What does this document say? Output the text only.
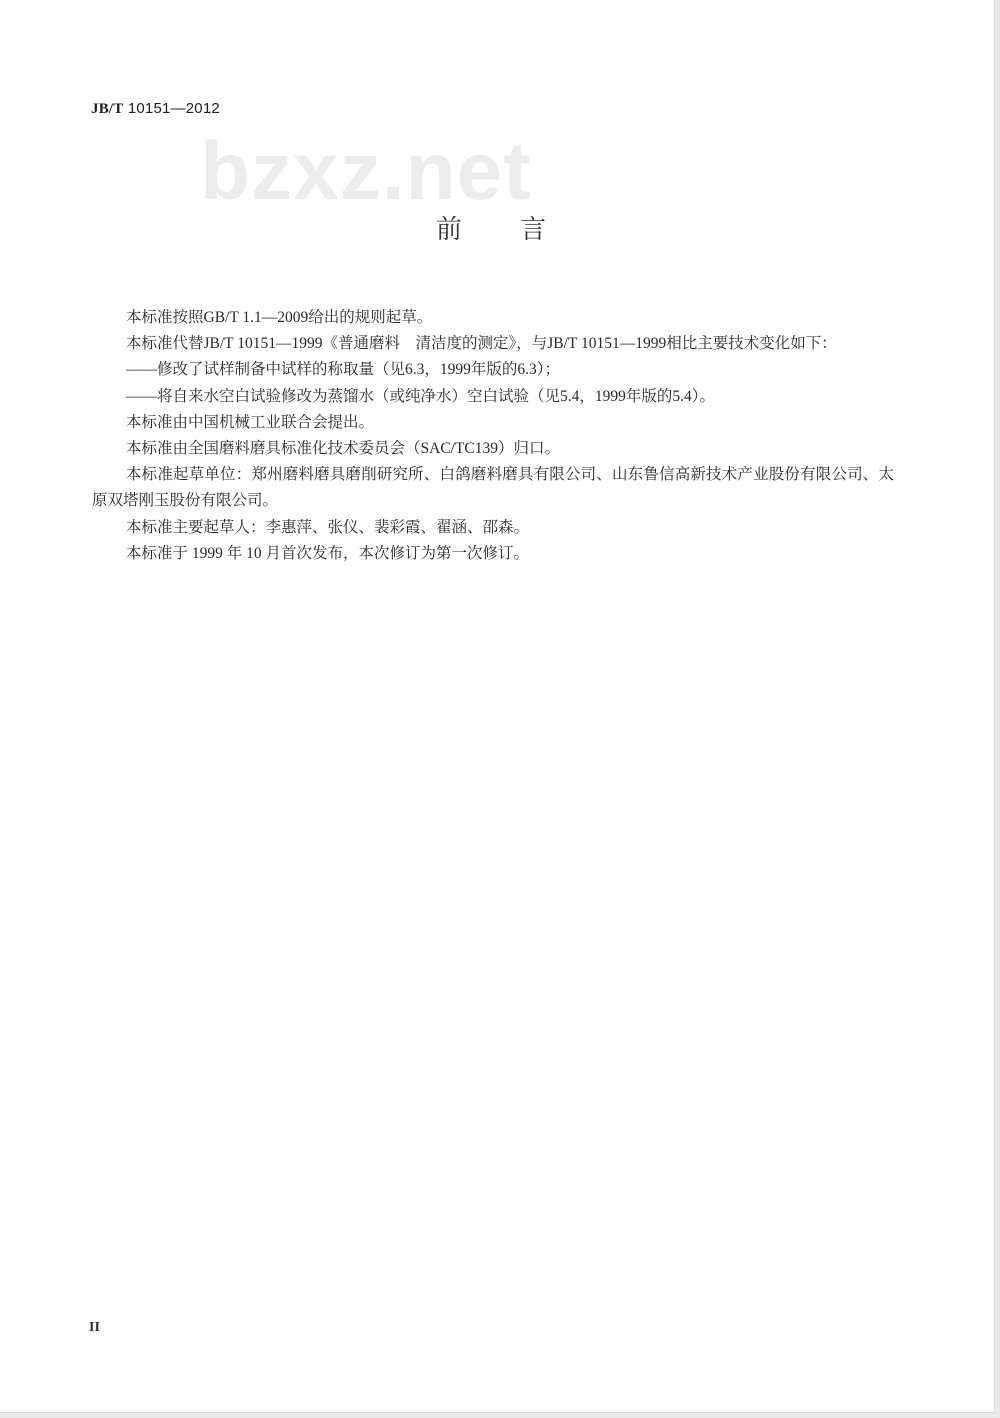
JB/T 10151—2012
bzxz.net
前 言

本标准按照GB/T 1.1—2009给出的规则起草。

本标准代替JB/T 10151—1999《普通磨料　清洁度的测定》，与JB/T 10151—1999相比主要技术变化如下：

——修改了试样制备中试样的称取量（见6.3，1999年版的6.3）；

——将自来水空白试验修改为蒸馏水（或纯净水）空白试验（见5.4，1999年版的5.4）。

本标准由中国机械工业联合会提出。

本标准由全国磨料磨具标准化技术委员会（SAC/TC139）归口。

本标准起草单位：郑州磨料磨具磨削研究所、白鸽磨料磨具有限公司、山东鲁信高新技术产业股份有限公司、太原双塔刚玉股份有限公司。

本标准主要起草人：李惠萍、张仪、裴彩霞、翟涵、邵森。

本标准于 1999 年 10 月首次发布，本次修订为第一次修订。

II
